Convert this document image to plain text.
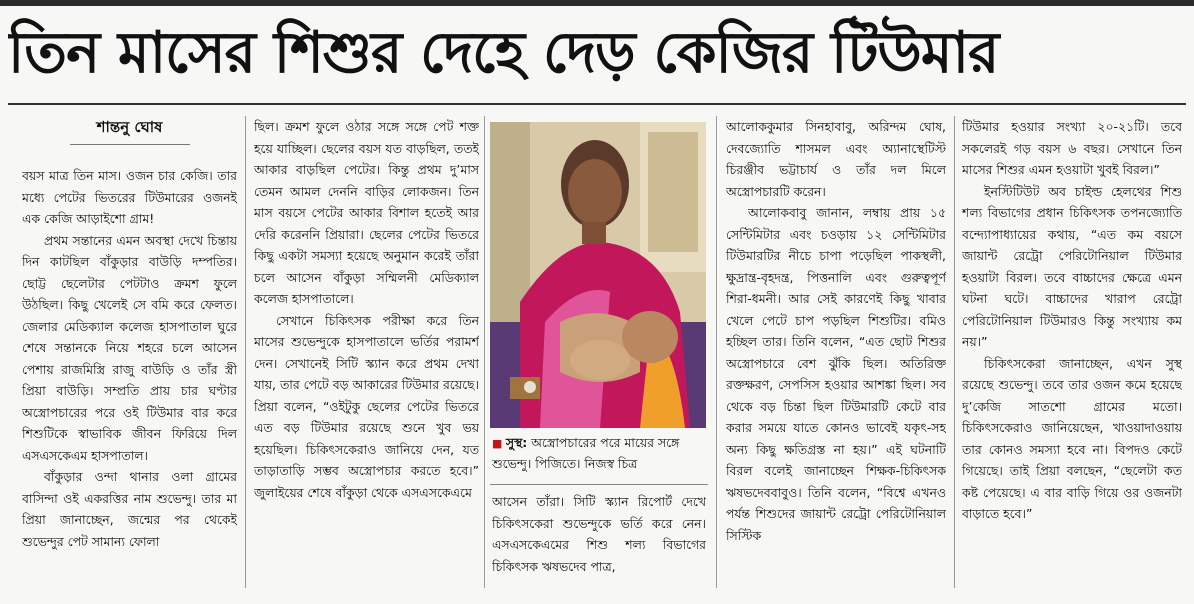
তিন মাসের শিশুর দেহে দেড় কেজির টিউমার
শান্তনু ঘোষ

বয়স মাত্র তিন মাস। ওজন চার কেজি। তার মধ্যে পেটের ভিতরের টিউমারের ওজনই এক কেজি আড়াইশো গ্রাম!

প্রথম সন্তানের এমন অবস্থা দেখে চিন্তায় দিন কাটছিল বাঁকুড়ার বাউড়ি দম্পতির। ছোট্ট ছেলেটার পেটটাও ক্রমশ ফুলে উঠছিল। কিছু খেলেই সে বমি করে ফেলত। জেলার মেডিক্যাল কলেজ হাসপাতাল ঘুরে শেষে সন্তানকে নিয়ে শহরে চলে আসেন পেশায় রাজমিস্ত্রি রাজু বাউড়ি ও তাঁর স্ত্রী প্রিয়া বাউড়ি। সম্প্রতি প্রায় চার ঘণ্টার অস্ত্রোপচারের পরে ওই টিউমার বার করে শিশুটিকে স্বাভাবিক জীবন ফিরিয়ে দিল এসএসকেএম হাসপাতাল।

বাঁকুড়ার ওন্দা থানার ওলা গ্রামের বাসিন্দা ওই একরত্তির নাম শুভেন্দু। তার মা প্রিয়া জানাচ্ছেন, জন্মের পর থেকেই শুভেন্দুর পেট সামান্য ফোলা

ছিল। ক্রমশ ফুলে ওঠার সঙ্গে সঙ্গে পেট শক্ত হয়ে যাচ্ছিল। ছেলের বয়স যত বাড়ছিল, ততই আকার বাড়ছিল পেটের। কিন্তু প্রথম দু’মাস তেমন আমল দেননি বাড়ির লোকজন। তিন মাস বয়সে পেটের আকার বিশাল হতেই আর দেরি করেননি প্রিয়ারা। ছেলের পেটের ভিতরে কিছু একটা সমস্যা হয়েছে অনুমান করেই তাঁরা চলে আসেন বাঁকুড়া সম্মিলনী মেডিক্যাল কলেজ হাসপাতালে।

সেখানে চিকিৎসক পরীক্ষা করে তিন মাসের শুভেন্দুকে হাসপাতালে ভর্তির পরামর্শ দেন। সেখানেই সিটি স্ক্যান করে প্রথম দেখা যায়, তার পেটে বড় আকারের টিউমার রয়েছে। প্রিয়া বলেন, “ওইটুকু ছেলের পেটের ভিতরে এত বড় টিউমার রয়েছে শুনে খুব ভয় হয়েছিল। চিকিৎসকেরাও জানিয়ে দেন, যত তাড়াতাড়ি সম্ভব অস্ত্রোপচার করতে হবে।” জুলাইয়ের শেষে বাঁকুড়া থেকে এসএসকেএমে

■ সুস্থ: অস্ত্রোপচারের পরে মায়ের সঙ্গে শুভেন্দু। পিজিতে। নিজস্ব চিত্র

আসেন তাঁরা। সিটি স্ক্যান রিপোর্ট দেখে চিকিৎসকেরা শুভেন্দুকে ভর্তি করে নেন। এসএসকেএমের শিশু শল্য বিভাগের চিকিৎসক ঋষভদেব পাত্র,

আলোককুমার সিনহাবাবু, অরিন্দম ঘোষ, দেবজ্যোতি শাসমল এবং অ্যানাস্থেটিস্ট চিরঞ্জীব ভট্টাচার্য ও তাঁর দল মিলে অস্ত্রোপচারটি করেন।

আলোকবাবু জানান, লম্বায় প্রায় ১৫ সেন্টিমিটার এবং চওড়ায় ১২ সেন্টিমিটার টিউমারটির নীচে চাপা পড়েছিল পাকস্থলী, ক্ষুদ্রান্ত্র-বৃহদন্ত্র, পিত্তনালি এবং গুরুত্বপূর্ণ শিরা-ধমনী। আর সেই কারণেই কিছু খাবার খেলে পেটে চাপ পড়ছিল শিশুটির। বমিও হচ্ছিল তার। তিনি বলেন, “এত ছোট শিশুর অস্ত্রোপচারে বেশ ঝুঁকি ছিল। অতিরিক্ত রক্তক্ষরণ, সেপসিস হওয়ার আশঙ্কা ছিল। সব থেকে বড় চিন্তা ছিল টিউমারটি কেটে বার করার সময়ে যাতে কোনও ভাবেই যকৃৎ-সহ অন্য কিছু ক্ষতিগ্রস্ত না হয়।” এই ঘটনাটি বিরল বলেই জানাচ্ছেন শিক্ষক-চিকিৎসক ঋষভদেববাবুও। তিনি বলেন, “বিশ্বে এখনও পর্যন্ত শিশুদের জায়ান্ট রেট্রো পেরিটোনিয়াল সিস্টিক

টিউমার হওয়ার সংখ্যা ২০-২১টি। তবে সকলেরই গড় বয়স ৬ বছর। সেখানে তিন মাসের শিশুর এমন হওয়াটা খুবই বিরল।”

ইনস্টিটিউট অব চাইল্ড হেলথের শিশু শল্য বিভাগের প্রধান চিকিৎসক তপনজ্যোতি বন্দ্যোপাধ্যায়ের কথায়, “এত কম বয়সে জায়ান্ট রেট্রো পেরিটোনিয়াল টিউমার হওয়াটা বিরল। তবে বাচ্চাদের ক্ষেত্রে এমন ঘটনা ঘটে। বাচ্চাদের খারাপ রেট্রো পেরিটোনিয়াল টিউমারও কিন্তু সংখ্যায় কম নয়।”

চিকিৎসকেরা জানাচ্ছেন, এখন সুস্থ রয়েছে শুভেন্দু। তবে তার ওজন কমে হয়েছে দু’কেজি সাতশো গ্রামের মতো। চিকিৎসকেরাও জানিয়েছেন, খাওয়াদাওয়ায় তার কোনও সমস্যা হবে না। বিপদও কেটে গিয়েছে। তাই প্রিয়া বলছেন, “ছেলেটা কত কষ্ট পেয়েছে। এ বার বাড়ি গিয়ে ওর ওজনটা বাড়াতে হবে।”
